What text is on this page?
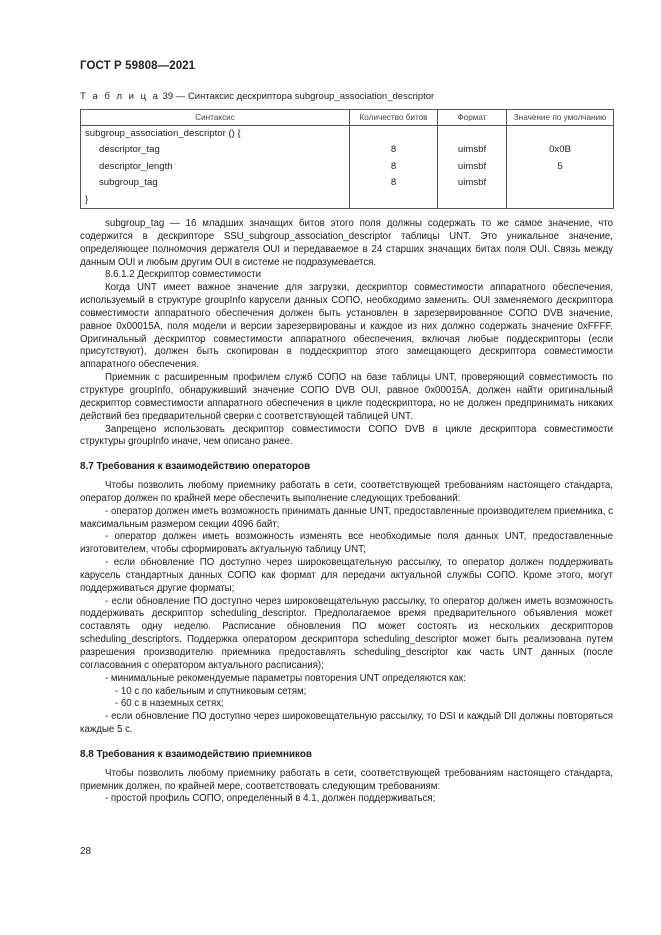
ГОСТ Р 59808—2021
Т а б л и ц а 39 — Синтаксис дескриптора subgroup_association_descriptor
Синтаксис	Количество битов	Формат	Значение по умолчанию
subgroup_association_descriptor () {			
descriptor_tag	8	uimsbf	0x0B
descriptor_length	8	uimsbf	5
subgroup_tag	8	uimsbf	
}			

subgroup_tag — 16 младших значащих битов этого поля должны содержать то же самое значение, что содержится в дескрипторе SSU_subgroup_association_descriptor таблицы UNT. Это уникальное значение, определяющее полномочия держателя OUI и передаваемое в 24 старших значащих битах поля OUI. Связь между данным OUI и любым другим OUI в системе не подразумевается.

8.6.1.2 Дескриптор совместимости

Когда UNT имеет важное значение для загрузки, дескриптор совместимости аппаратного обеспечения, используемый в структуре groupInfo карусели данных СОПО, необходимо заменить. OUI заменяемого дескриптора совместимости аппаратного обеспечения должен быть установлен в зарезервированное СОПО DVB значение, равное 0x00015A, поля модели и версии зарезервированы и каждое из них должно содержать значение 0xFFFF. Оригинальный дескриптор совместимости аппаратного обеспечения, включая любые поддескрипторы (если присутствуют), должен быть скопирован в поддескриптор этого замещающего дескриптора совместимости аппаратного обеспечения.

Приемник с расширенным профилем служб СОПО на базе таблицы UNT, проверяющий совместимость по структуре groupInfo, обнаруживший значение СОПО DVB OUI, равное 0x00015A, должен найти оригинальный дескриптор совместимости аппаратного обеспечения в цикле подескриптора, но не должен предпринимать никаких действий без предварительной сверки с соответствующей таблицей UNT.

Запрещено использовать дескриптор совместимости СОПО DVB в цикле дескриптора совместимости структуры groupInfo иначе, чем описано ранее.

8.7 Требования к взаимодействию операторов

Чтобы позволить любому приемнику работать в сети, соответствующей требованиям настоящего стандарта, оператор должен по крайней мере обеспечить выполнение следующих требований:

- оператор должен иметь возможность принимать данные UNT, предоставленные производителем приемника, с максимальным размером секции 4096 байт;

- оператор должен иметь возможность изменять все необходимые поля данных UNT, предоставленные изготовителем, чтобы сформировать актуальную таблицу UNT;

- если обновление ПО доступно через широковещательную рассылку, то оператор должен поддерживать карусель стандартных данных СОПО как формат для передачи актуальной службы СОПО. Кроме этого, могут поддерживаться другие форматы;

- если обновление ПО доступно через широковещательную рассылку, то оператор должен иметь возможность поддерживать дескриптор scheduling_descriptor. Предполагаемое время предварительного объявления может составлять одну неделю. Расписание обновления ПО может состоять из нескольких дескрипторов scheduling_descriptors. Поддержка оператором дескриптора scheduling_descriptor может быть реализована путем разрешения производителю приемника предоставлять scheduling_descriptor как часть UNT данных (после согласования с оператором актуального расписания);

- минимальные рекомендуемые параметры повторения UNT определяются как:

- 10 с по кабельным и спутниковым сетям;

- 60 с в наземных сетях;

- если обновление ПО доступно через широковещательную рассылку, то DSI и каждый DII должны повторяться каждые 5 с.

8.8 Требования к взаимодействию приемников

Чтобы позволить любому приемнику работать в сети, соответствующей требованиям настоящего стандарта, приемник должен, по крайней мере, соответствовать следующим требованиям:

- простой профиль СОПО, определенный в 4.1, должен поддерживаться;

28
